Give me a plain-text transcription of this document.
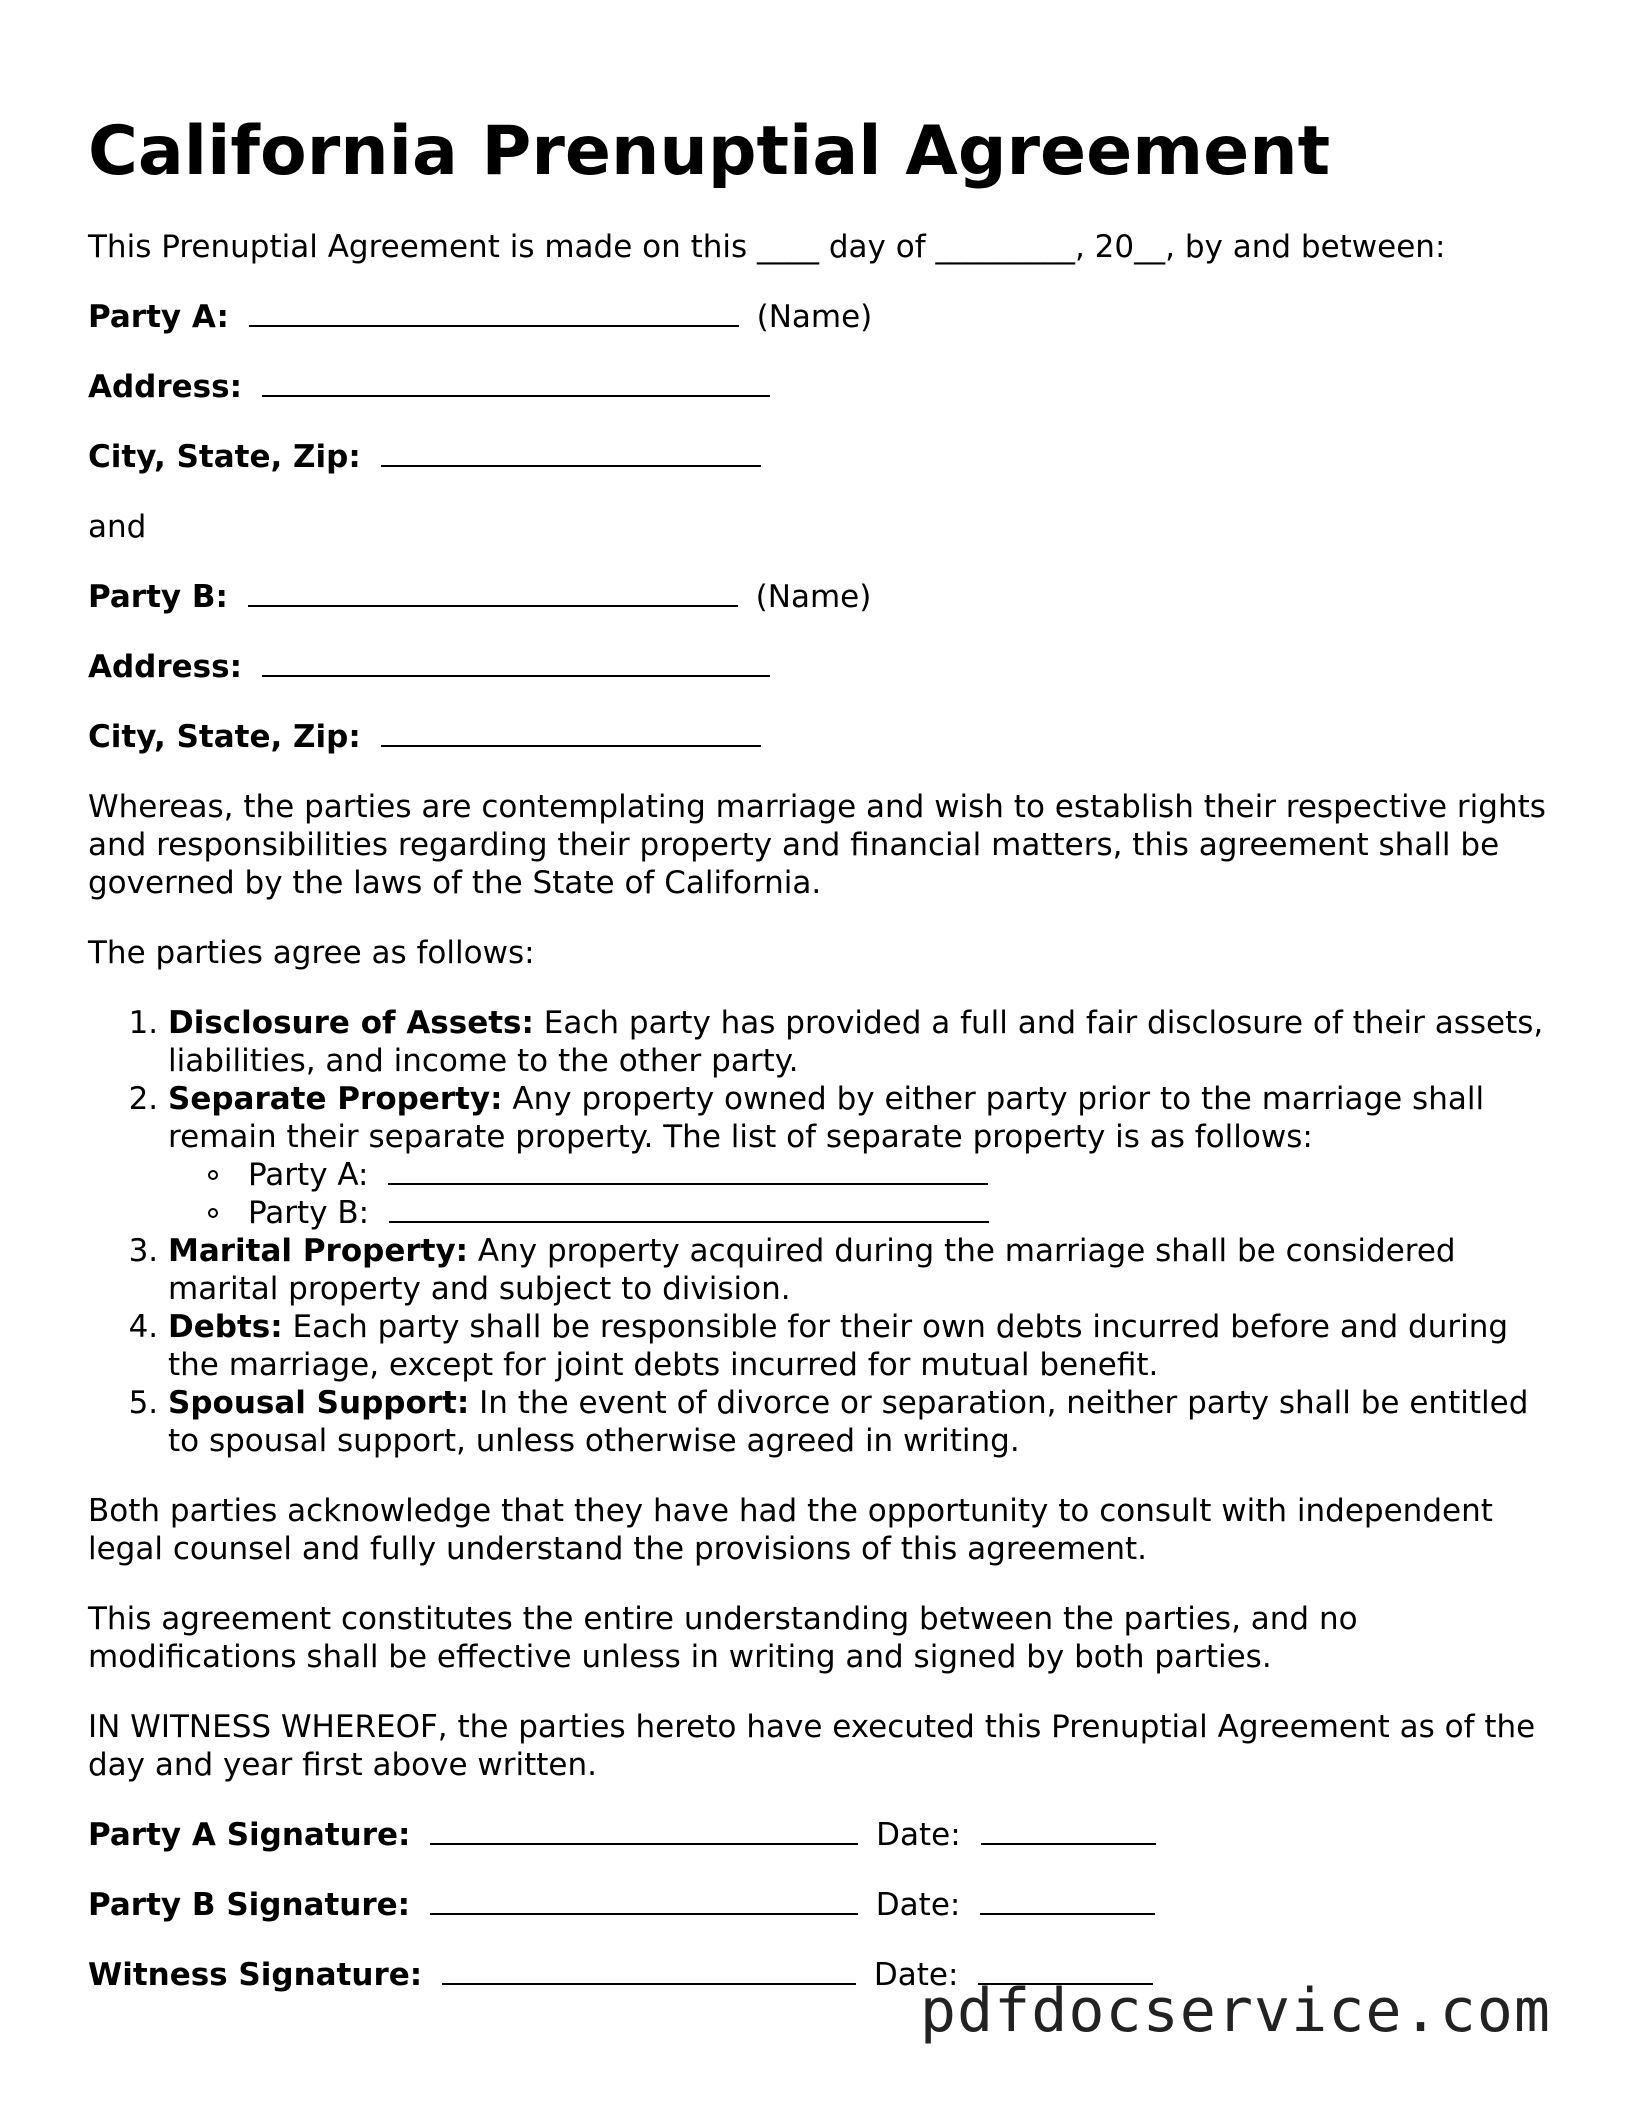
California Prenuptial Agreement

This Prenuptial Agreement is made on this ____ day of _________, 20__, by and between:

Party A:	(Name)
Address:
City, State, Zip:

and

Party B:	(Name)
Address:
City, State, Zip:

Whereas, the parties are contemplating marriage and wish to establish their respective rights and responsibilities regarding their property and financial matters, this agreement shall be governed by the laws of the State of California.

The parties agree as follows:

1. Disclosure of Assets: Each party has provided a full and fair disclosure of their assets, liabilities, and income to the other party.
2. Separate Property: Any property owned by either party prior to the marriage shall remain their separate property. The list of separate property is as follows:
Party A:
Party B:
3. Marital Property: Any property acquired during the marriage shall be considered marital property and subject to division.
4. Debts: Each party shall be responsible for their own debts incurred before and during the marriage, except for joint debts incurred for mutual benefit.
5. Spousal Support: In the event of divorce or separation, neither party shall be entitled to spousal support, unless otherwise agreed in writing.

Both parties acknowledge that they have had the opportunity to consult with independent legal counsel and fully understand the provisions of this agreement.

This agreement constitutes the entire understanding between the parties, and no modifications shall be effective unless in writing and signed by both parties.

IN WITNESS WHEREOF, the parties hereto have executed this Prenuptial Agreement as of the day and year first above written.

Party A Signature:	Date:
Party B Signature:	Date:
Witness Signature:	Date:
pdfdocservice.com
